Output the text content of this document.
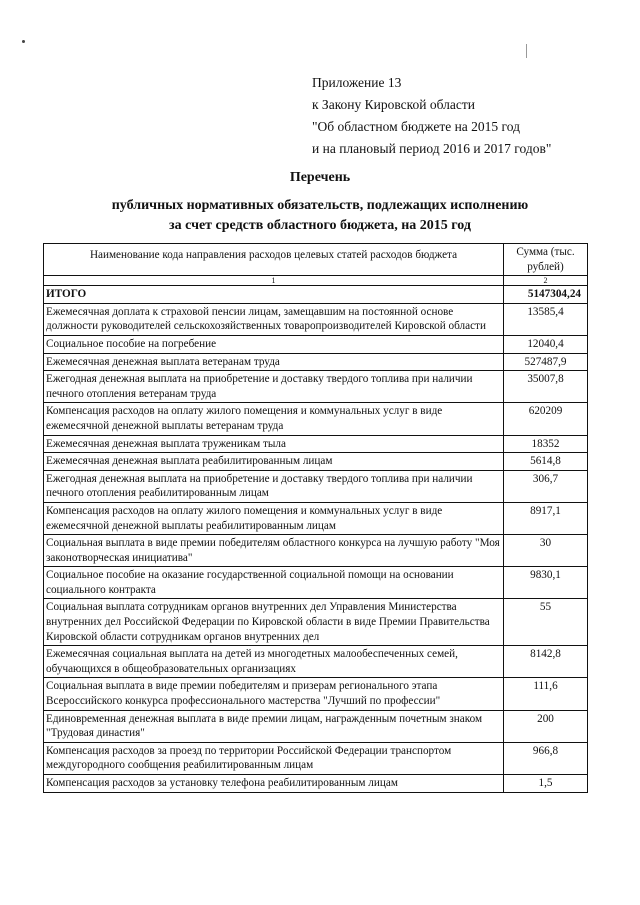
Приложение 13
к Закону Кировской области
"Об областном бюджете на 2015 год
и на плановый период 2016 и 2017 годов"
Перечень
публичных нормативных обязательств, подлежащих исполнению
за счет средств областного бюджета, на 2015 год
Наименование кода направления расходов целевых статей расходов бюджета	Сумма (тыс. рублей)
1	2
ИТОГО	5147304,24
Ежемесячная доплата к страховой пенсии лицам, замещавшим на постоянной основе должности руководителей сельскохозяйственных товаропроизводителей Кировской области	13585,4
Социальное пособие на погребение	12040,4
Ежемесячная денежная выплата ветеранам труда	527487,9
Ежегодная денежная выплата на приобретение и доставку твердого топлива при наличии печного отопления ветеранам труда	35007,8
Компенсация расходов на оплату жилого помещения и коммунальных услуг в виде ежемесячной денежной выплаты ветеранам труда	620209
Ежемесячная денежная выплата труженикам тыла	18352
Ежемесячная денежная выплата реабилитированным лицам	5614,8
Ежегодная денежная выплата на приобретение и доставку твердого топлива при наличии печного отопления реабилитированным лицам	306,7
Компенсация расходов на оплату жилого помещения и коммунальных услуг в виде ежемесячной денежной выплаты реабилитированным лицам	8917,1
Социальная выплата в виде премии победителям областного конкурса на лучшую работу "Моя законотворческая инициатива"	30
Социальное пособие на оказание государственной социальной помощи на основании социального контракта	9830,1
Социальная выплата сотрудникам органов внутренних дел Управления Министерства внутренних дел Российской Федерации по Кировской области в виде Премии Правительства Кировской области сотрудникам органов внутренних дел	55
Ежемесячная социальная выплата на детей из многодетных малообеспеченных семей, обучающихся в общеобразовательных организациях	8142,8
Социальная выплата в виде премии победителям и призерам регионального этапа Всероссийского конкурса профессионального мастерства "Лучший по профессии"	111,6
Единовременная денежная выплата в виде премии лицам, награжденным почетным знаком "Трудовая династия"	200
Компенсация расходов за проезд по территории Российской Федерации транспортом междугородного сообщения реабилитированным лицам	966,8
Компенсация расходов за установку телефона реабилитированным лицам	1,5
